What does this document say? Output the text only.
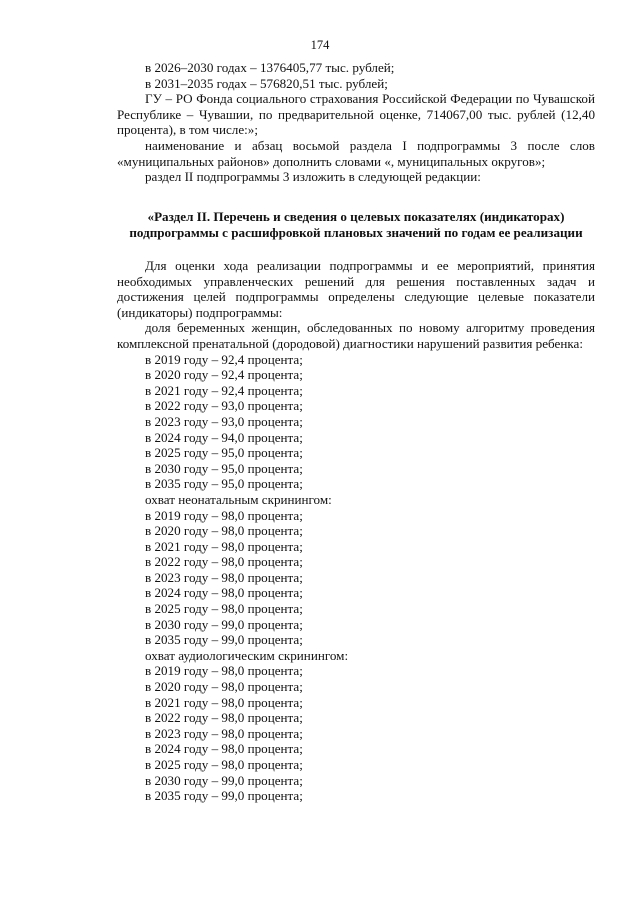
174

в 2026–2030 годах – 1376405,77 тыс. рублей;

в 2031–2035 годах – 576820,51 тыс. рублей;

ГУ – РО Фонда социального страхования Российской Федерации по Чувашской Республике – Чувашии, по предварительной оценке, 714067,00 тыс. рублей (12,40 процента), в том числе:»;

наименование и абзац восьмой раздела I подпрограммы 3 после слов «муниципальных районов» дополнить словами «, муниципальных округов»;

раздел II подпрограммы 3 изложить в следующей редакции:

«Раздел II. Перечень и сведения о целевых показателях (индикаторах) подпрограммы с расшифровкой плановых значений по годам ее реализации

Для оценки хода реализации подпрограммы и ее мероприятий, принятия необходимых управленческих решений для решения поставленных задач и достижения целей подпрограммы определены следующие целевые показатели (индикаторы) подпрограммы:

доля беременных женщин, обследованных по новому алгоритму проведения комплексной пренатальной (дородовой) диагностики нарушений развития ребенка:

в 2019 году – 92,4 процента;

в 2020 году – 92,4 процента;

в 2021 году – 92,4 процента;

в 2022 году – 93,0 процента;

в 2023 году – 93,0 процента;

в 2024 году – 94,0 процента;

в 2025 году – 95,0 процента;

в 2030 году – 95,0 процента;

в 2035 году – 95,0 процента;

охват неонатальным скринингом:

в 2019 году – 98,0 процента;

в 2020 году – 98,0 процента;

в 2021 году – 98,0 процента;

в 2022 году – 98,0 процента;

в 2023 году – 98,0 процента;

в 2024 году – 98,0 процента;

в 2025 году – 98,0 процента;

в 2030 году – 99,0 процента;

в 2035 году – 99,0 процента;

охват аудиологическим скринингом:

в 2019 году – 98,0 процента;

в 2020 году – 98,0 процента;

в 2021 году – 98,0 процента;

в 2022 году – 98,0 процента;

в 2023 году – 98,0 процента;

в 2024 году – 98,0 процента;

в 2025 году – 98,0 процента;

в 2030 году – 99,0 процента;

в 2035 году – 99,0 процента;
